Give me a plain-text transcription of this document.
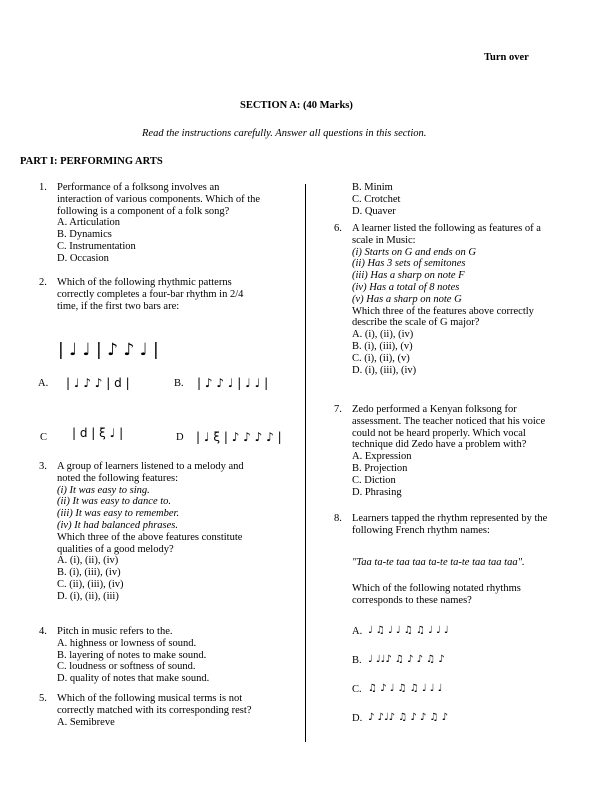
Turn over
SECTION A: (40 Marks)
Read the instructions carefully. Answer all questions in this section.
PART I: PERFORMING ARTS
1. Performance of a folksong involves an
interaction of various components. Which of the
following is a component of a folk song?
A. Articulation
B. Dynamics
C. Instrumentation
D. Occasion
2. Which of the following rhythmic patterns
correctly completes a four-bar rhythm in 2/4
time, if the first two bars are:
3. A group of learners listened to a melody and
noted the following features:
(i) It was easy to sing.
(ii) It was easy to dance to.
(iii) It was easy to remember.
(iv) It had balanced phrases.
Which three of the above features constitute
qualities of a good melody?
A. (i), (ii), (iv)
B. (i), (iii), (iv)
C. (ii), (iii), (iv)
D. (i), (ii), (iii)
4. Pitch in music refers to the.
A. highness or lowness of sound.
B. layering of notes to make sound.
C. loudness or softness of sound.
D. quality of notes that make sound.
5. Which of the following musical terms is not
correctly matched with its corresponding rest?
A. Semibreve
B. Minim
C. Crotchet
D. Quaver
6. A learner listed the following as features of a
scale in Music:
(i) Starts on G and ends on G
(ii) Has 3 sets of semitones
(iii) Has a sharp on note F
(iv) Has a total of 8 notes
(v) Has a sharp on note G
Which three of the features above correctly
describe the scale of G major?
A. (i), (ii), (iv)
B. (i), (iii), (v)
C. (i), (ii), (v)
D. (i), (iii), (iv)
7. Zedo performed a Kenyan folksong for
assessment. The teacher noticed that his voice
could not be heard properly. Which vocal
technique did Zedo have a problem with?
A. Expression
B. Projection
C. Diction
D. Phrasing
8. Learners tapped the rhythm represented by the
following French rhythm names:
| ♩ ♩ | ♪ ♪ ♩ |
A. | ♩ ♪ ♪ | d |	B. | ♪ ♪ ♩ | ♩ ♩ |
C | d | ξ ♩ |	D | ♩ ξ | ♪ ♪ ♪ ♪ |
"Taa ta-te taa taa ta-te ta-te taa taa taa".
Which of the following notated rhythms
corresponds to these names?
A. ♩ ♫ ♩ ♩ ♫ ♫ ♩ ♩ ♩
B. ♩ ♩♩♪ ♫ ♪ ♪ ♫ ♪
C. ♫ ♪ ♩ ♫ ♫ ♩ ♩ ♩
D. ♪ ♪♩♪ ♫ ♪ ♪ ♫ ♪
